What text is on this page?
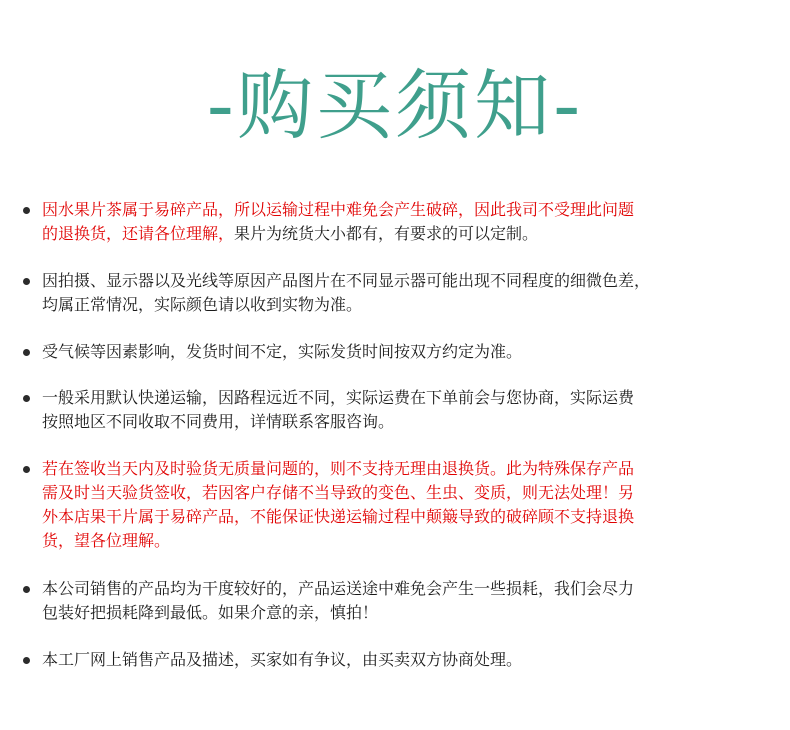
-购买须知-
因水果片茶属于易碎产品，所以运输过程中难免会产生破碎，因此我司不受理此问题
的退换货，还请各位理解，果片为统货大小都有，有要求的可以定制。
因拍摄、显示器以及光线等原因产品图片在不同显示器可能出现不同程度的细微色差，
均属正常情况，实际颜色请以收到实物为准。
受气候等因素影响，发货时间不定，实际发货时间按双方约定为准。
一般采用默认快递运输，因路程远近不同，实际运费在下单前会与您协商，实际运费
按照地区不同收取不同费用，详情联系客服咨询。
若在签收当天内及时验货无质量问题的，则不支持无理由退换货。此为特殊保存产品
需及时当天验货签收，若因客户存储不当导致的变色、生虫、变质，则无法处理！另
外本店果干片属于易碎产品，不能保证快递运输过程中颠簸导致的破碎顾不支持退换
货，望各位理解。
本公司销售的产品均为干度较好的，产品运送途中难免会产生一些损耗，我们会尽力
包装好把损耗降到最低。如果介意的亲，慎拍！
本工厂网上销售产品及描述，买家如有争议，由买卖双方协商处理。
